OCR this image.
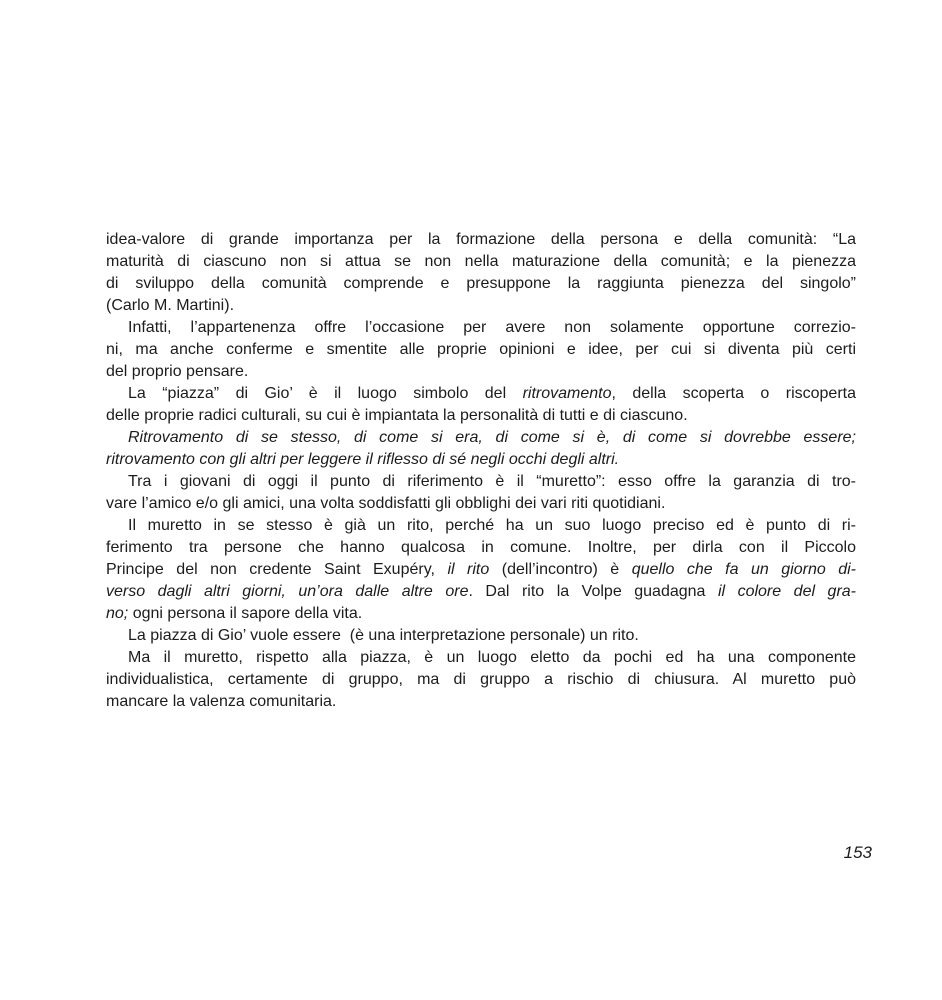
idea-valore di grande importanza per la formazione della persona e della comunità: “La
maturità di ciascuno non si attua se non nella maturazione della comunità; e la pienezza
di sviluppo della comunità comprende e presuppone la raggiunta pienezza del singolo”
(Carlo M. Martini).
Infatti, l’appartenenza offre l’occasione per avere non solamente opportune correzio-
ni, ma anche conferme e smentite alle proprie opinioni e idee, per cui si diventa più certi
del proprio pensare.
La “piazza” di Gio’ è il luogo simbolo del ritrovamento, della scoperta o riscoperta
delle proprie radici culturali, su cui è impiantata la personalità di tutti e di ciascuno.
Ritrovamento di se stesso, di come si era, di come si è, di come si dovrebbe essere;
ritrovamento con gli altri per leggere il riflesso di sé negli occhi degli altri.
Tra i giovani di oggi il punto di riferimento è il “muretto”: esso offre la garanzia di tro-
vare l’amico e/o gli amici, una volta soddisfatti gli obblighi dei vari riti quotidiani.
Il muretto in se stesso è già un rito, perché ha un suo luogo preciso ed è punto di ri-
ferimento tra persone che hanno qualcosa in comune. Inoltre, per dirla con il Piccolo
Principe del non credente Saint Exupéry, il rito (dell’incontro) è quello che fa un giorno di-
verso dagli altri giorni, un’ora dalle altre ore. Dal rito la Volpe guadagna il colore del gra-
no; ogni persona il sapore della vita.
La piazza di Gio’ vuole essere  (è una interpretazione personale) un rito.
Ma il muretto, rispetto alla piazza, è un luogo eletto da pochi ed ha una componente
individualistica, certamente di gruppo, ma di gruppo a rischio di chiusura. Al muretto può
mancare la valenza comunitaria.
153
